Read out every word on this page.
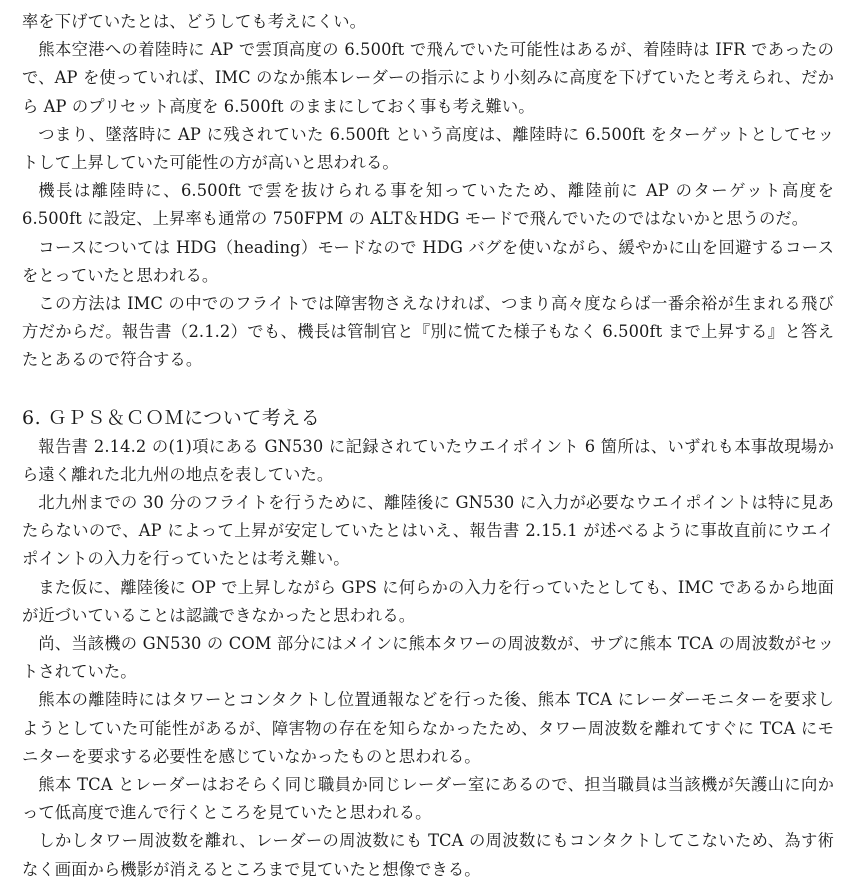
率を下げていたとは、どうしても考えにくい。

熊本空港への着陸時に AP で雲頂高度の 6.500ft で飛んでいた可能性はあるが、着陸時は IFR であったので、AP を使っていれば、IMC のなか熊本レーダーの指示により小刻みに高度を下げていたと考えられ、だから AP のプリセット高度を 6.500ft のままにしておく事も考え難い。

つまり、墜落時に AP に残されていた 6.500ft という高度は、離陸時に 6.500ft をターゲットとしてセットして上昇していた可能性の方が高いと思われる。

機長は離陸時に、6.500ft で雲を抜けられる事を知っていたため、離陸前に AP のターゲット高度を 6.500ft に設定、上昇率も通常の 750FPM の ALT＆HDG モードで飛んでいたのではないかと思うのだ。

コースについては HDG（heading）モードなので HDG バグを使いながら、緩やかに山を回避するコースをとっていたと思われる。

この方法は IMC の中でのフライトでは障害物さえなければ、つまり高々度ならば一番余裕が生まれる飛び方だからだ。報告書（2.1.2）でも、機長は管制官と『別に慌てた様子もなく 6.500ft まで上昇する』と答えたとあるので符合する。

6. ＧＰＳ＆ＣＯＭについて考える

報告書 2.14.2 の(1)項にある GN530 に記録されていたウエイポイント 6 箇所は、いずれも本事故現場から遠く離れた北九州の地点を表していた。

北九州までの 30 分のフライトを行うために、離陸後に GN530 に入力が必要なウエイポイントは特に見あたらないので、AP によって上昇が安定していたとはいえ、報告書 2.15.1 が述べるように事故直前にウエイポイントの入力を行っていたとは考え難い。

また仮に、離陸後に OP で上昇しながら GPS に何らかの入力を行っていたとしても、IMC であるから地面が近づいていることは認識できなかったと思われる。

尚、当該機の GN530 の COM 部分にはメインに熊本タワーの周波数が、サブに熊本 TCA の周波数がセットされていた。

熊本の離陸時にはタワーとコンタクトし位置通報などを行った後、熊本 TCA にレーダーモニターを要求しようとしていた可能性があるが、障害物の存在を知らなかったため、タワー周波数を離れてすぐに TCA にモニターを要求する必要性を感じていなかったものと思われる。

熊本 TCA とレーダーはおそらく同じ職員か同じレーダー室にあるので、担当職員は当該機が矢護山に向かって低高度で進んで行くところを見ていたと思われる。

しかしタワー周波数を離れ、レーダーの周波数にも TCA の周波数にもコンタクトしてこないため、為す術なく画面から機影が消えるところまで見ていたと想像できる。
